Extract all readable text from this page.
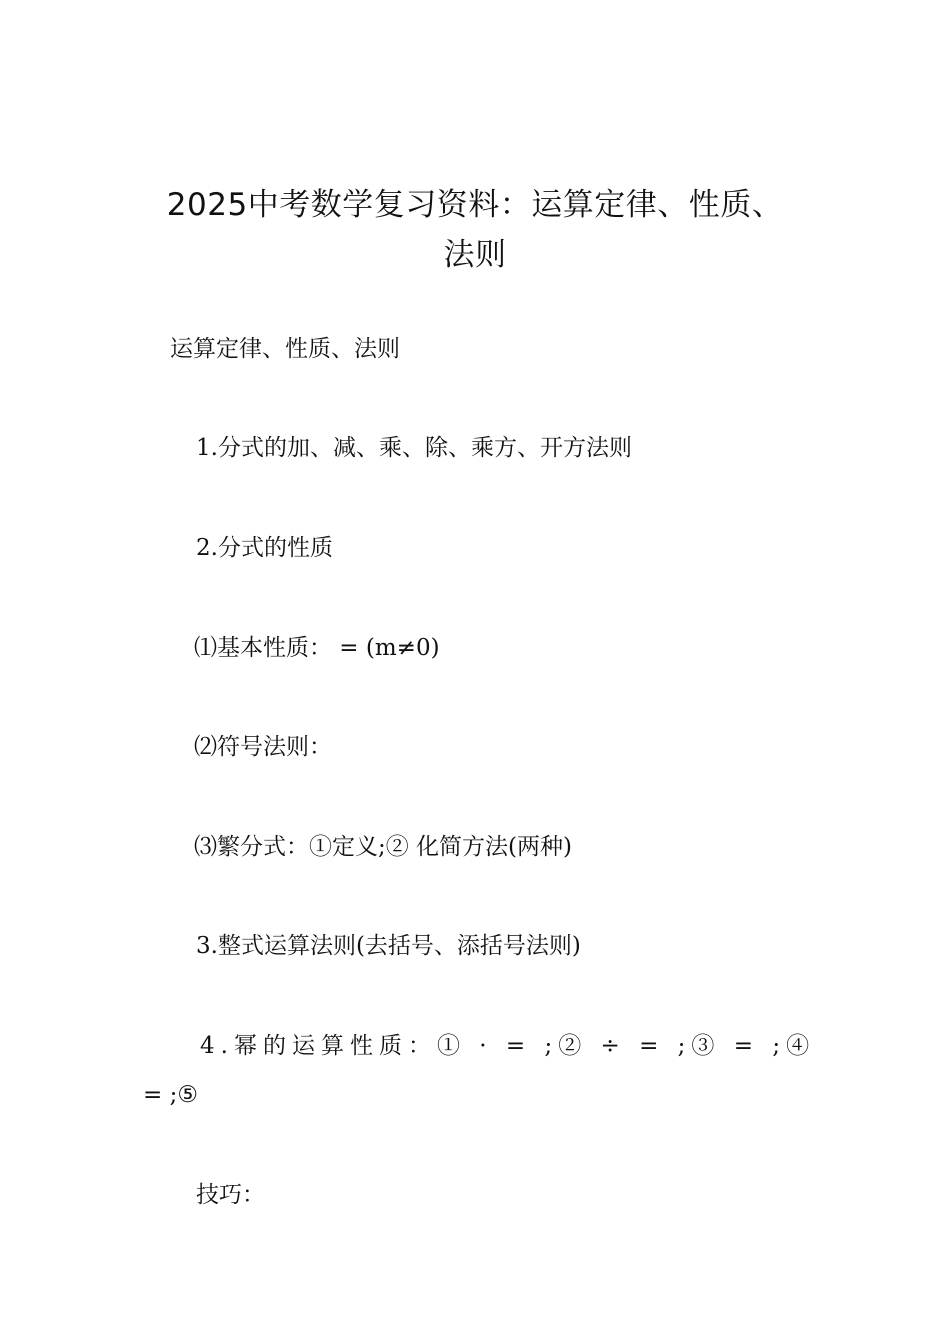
2025中考数学复习资料：运算定律、性质、
法则
运算定律、性质、法则
1.分式的加、减、乘、除、乘方、开方法则
2.分式的性质
⑴基本性质： = (m≠0)
⑵符号法则：
⑶繁分式：①定义;② 化简方法(两种)
3.整式运算法则(去括号、添括号法则)
4.幂的运算性质：① · = ;② ÷ = ;③ = ;④
= ;⑤
技巧：
